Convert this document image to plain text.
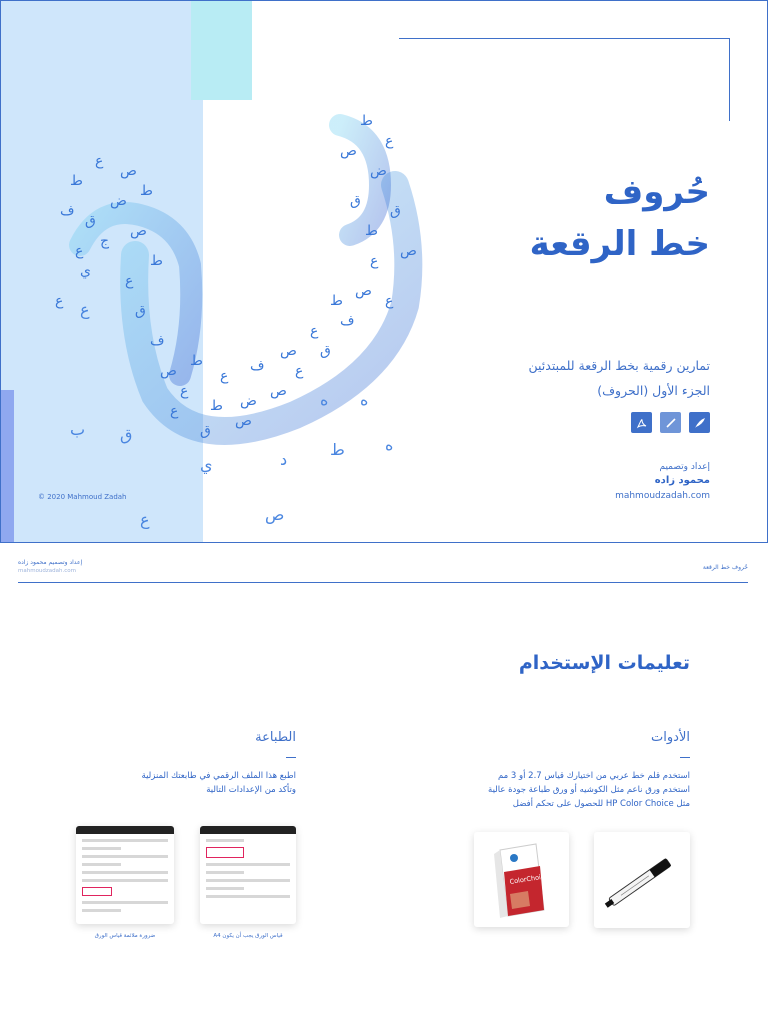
ط
ع
ص
ف
ق
ض
ط
ع
ج
ص
ط
ع
ق
ف
ص
ع
ط ض
ص
ع
ق
ف
ص
ع
ط
ق
ض
ص
ع
ط
ع
ق
ص
ط
ع
ف
ص
ع
ط
ق
ص
ع
ي
ع ع
ب ق
ي	د
ط
ص
ع
ه ه
ه
حُروف
خط الرقعة
تمارين رقمية بخط الرقعة للمبتدئين
الجزء الأول (الحروف)
إعداد وتصميم
محمود زاده
mahmoudzadah.com
© 2020 Mahmoud Zadah
إعداد وتصميم محمود زاده
mahmoudzadah.com	حُروف خط الرقعة
تعليمات الإستخدام
الأدوات
استخدم قلم خط عربي من اختيارك قياس 2.7 أو 3 مم
استخدم ورق ناعم مثل الكوشيه أو ورق طباعة جودة عالية
مثل HP Color Choice للحصول على تحكم أفضل
ColorChoice
الطباعة
اطبع هذا الملف الرقمي في طابعتك المنزلية
وتأكد من الإعدادات التالية
ضرورة ملائمة قياس الورق	قياس الورق يجب أن يكون A4
